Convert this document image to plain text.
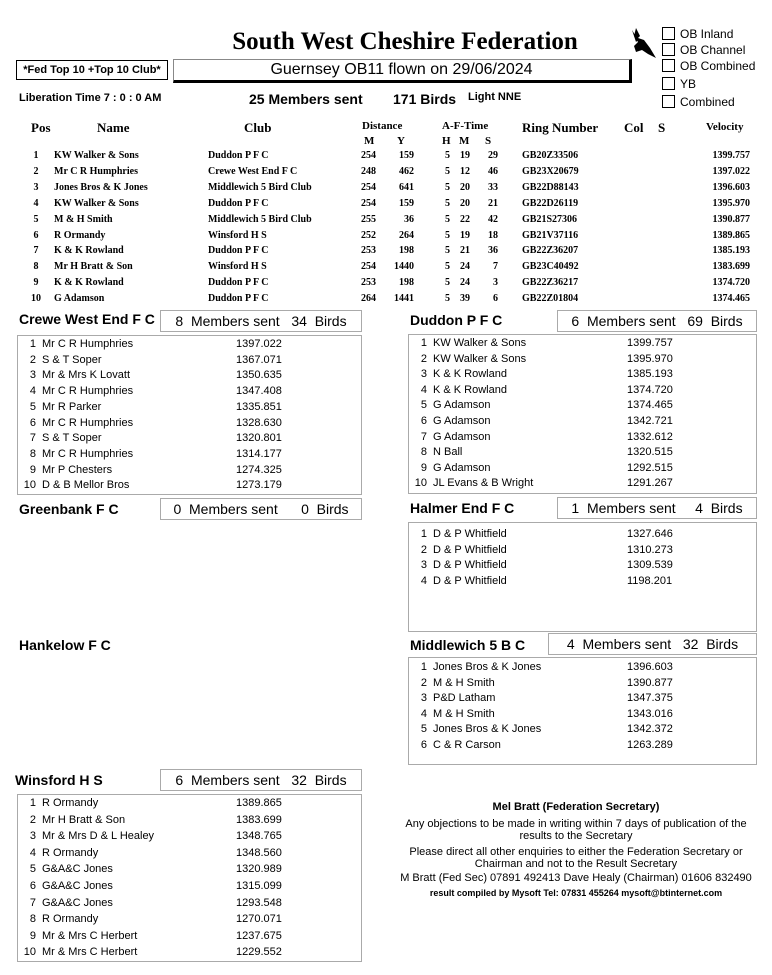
South West Cheshire Federation
*Fed Top 10 +Top 10 Club*	Guernsey OB11 flown on 29/06/2024
OB Inland
OB Channel
OB Combined
YB
Combined
Liberation Time 7 : 0 : 0 AM	25 Members sent 171 Birds Light NNE
Pos	Name	Club	Distance
M Y
A-F-Time
H M S
Ring Number Col S	Velocity
1	KW Walker & Sons	Duddon P F C	254	159	5	19	29 GB20Z33506	1399.757
2	Mr C R Humphries	Crewe West End F C	248	462	5	12	46 GB23X20679	1397.022
3	Jones Bros & K Jones	Middlewich 5 Bird Club	254	641	5	20	33 GB22D88143	1396.603
4	KW Walker & Sons	Duddon P F C	254	159	5	20	21 GB22D26119	1395.970
5	M & H Smith	Middlewich 5 Bird Club	255	36	5	22	42 GB21S27306	1390.877
6	R Ormandy	Winsford H S	252	264	5	19	18 GB21V37116	1389.865
7	K & K Rowland	Duddon P F C	253	198	5	21	36 GB22Z36207	1385.193
8	Mr H Bratt & Son	Winsford H S	254	1440	5	24	7 GB23C40492	1383.699
9	K & K Rowland	Duddon P F C	253	198	5	24	3 GB22Z36217	1374.720
10	G Adamson	Duddon P F C	264	1441	5	39	6 GB22Z01804	1374.465
Crewe West End F C 8  Members sent
34  Birds
1 Mr C R Humphries	1397.022
2 S & T Soper	1367.071
3 Mr & Mrs K Lovatt	1350.635
4 Mr C R Humphries	1347.408
5 Mr R Parker	1335.851
6 Mr C R Humphries	1328.630
7 S & T Soper	1320.801
8 Mr C R Humphries	1314.177
9 Mr P Chesters	1274.325
10 D & B Mellor Bros	1273.179
Duddon P F C	6  Members sent
69  Birds
1 KW Walker & Sons	1399.757
2 KW Walker & Sons	1395.970
3 K & K Rowland	1385.193
4 K & K Rowland	1374.720
5 G Adamson	1374.465
6 G Adamson	1342.721
7 G Adamson	1332.612
8 N Ball	1320.515
9 G Adamson	1292.515
10 JL Evans & B Wright	1291.267
Greenbank F C	0  Members sent
0  Birds	Halmer End F C	1  Members sent
4  Birds
1 D & P Whitfield	1327.646
2 D & P Whitfield	1310.273
3 D & P Whitfield	1309.539
4 D & P Whitfield	1198.201
Hankelow F C	Middlewich 5 B C	4  Members sent
32  Birds
1 Jones Bros & K Jones	1396.603
2 M & H Smith	1390.877
3 P&D Latham	1347.375
4 M & H Smith	1343.016
5 Jones Bros & K Jones	1342.372
6 C & R Carson	1263.289
Winsford H S	6  Members sent
32  Birds
1 R Ormandy	1389.865
2 Mr H Bratt & Son	1383.699
3 Mr & Mrs D & L Healey	1348.765
4 R Ormandy	1348.560
5 G&A&C Jones	1320.989
6 G&A&C Jones	1315.099
7 G&A&C Jones	1293.548
8 R Ormandy	1270.071
9 Mr & Mrs C Herbert	1237.675
10 Mr & Mrs C Herbert	1229.552
Mel Bratt (Federation Secretary)
Any objections to be made in writing within 7 days of publication of the
results to the Secretary
Please direct all other enquiries to either the Federation Secretary or
Chairman and not to the Result Secretary
M Bratt (Fed Sec) 07891 492413 Dave Healy (Chairman) 01606 832490
result compiled by Mysoft Tel: 07831 455264 mysoft@btinternet.com
